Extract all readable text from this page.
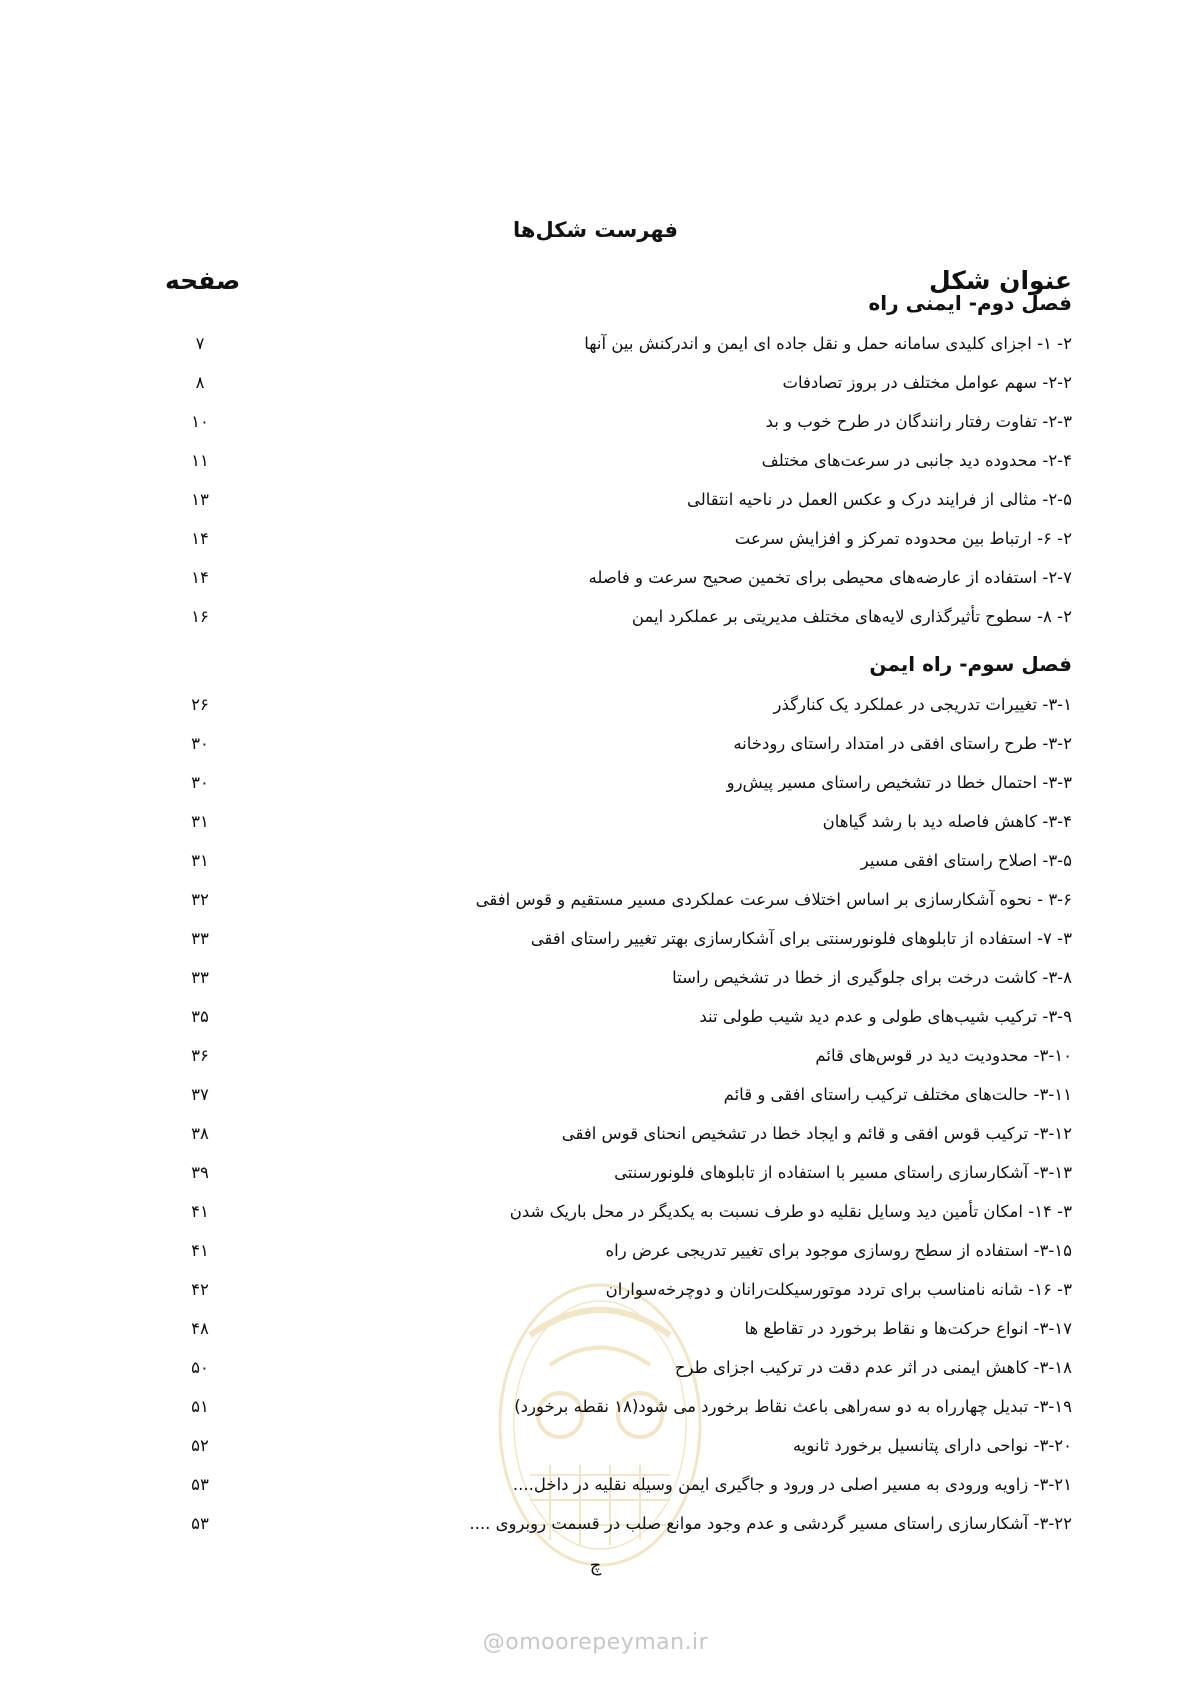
فهرست شکل‌ها
عنوان شکل
صفحه
فصل دوم- ایمنی راه
۲- ۱- اجزای کلیدی سامانه حمل و نقل جاده ای ایمن و اندرکنش بین آنها
۷
۲-۲- سهم عوامل مختلف در بروز تصادفات
۸
۲-۳- تفاوت رفتار رانندگان در طرح خوب و بد
۱۰
۲-۴- محدوده دید جانبی در سرعت‌های مختلف
۱۱
۲-۵- مثالی از فرایند درک و عکس العمل در ناحیه انتقالی
۱۳
۲- ۶- ارتباط بین محدوده تمرکز و افزایش سرعت
۱۴
۲-۷- استفاده از عارضه‌های محیطی برای تخمین صحیح سرعت و فاصله
۱۴
۲- ۸- سطوح تأثیرگذاری لایه‌های مختلف مدیریتی بر عملکرد ایمن
۱۶
فصل سوم- راه ایمن
۳-۱- تغییرات تدریجی در عملکرد یک کنارگذر
۲۶
۳-۲- طرح راستای افقی در امتداد راستای رودخانه
۳۰
۳-۳- احتمال خطا در تشخیص راستای مسیر پیش‌رو
۳۰
۳-۴- کاهش فاصله دید با رشد گیاهان
۳۱
۳-۵- اصلاح راستای افقی مسیر
۳۱
۳-۶ - نحوه آشکارسازی بر اساس اختلاف سرعت عملکردی مسیر مستقیم و قوس افقی
۳۲
۳- ۷- استفاده از تابلوهای فلونورسنتی برای آشکارسازی بهتر تغییر راستای افقی
۳۳
۳-۸- کاشت درخت برای جلوگیری از خطا در تشخیص راستا
۳۳
۳-۹- ترکیب شیب‌های طولی و عدم دید شیب طولی تند
۳۵
۳-۱۰- محدودیت دید در قوس‌های قائم
۳۶
۳-۱۱- حالت‌های مختلف ترکیب راستای افقی و قائم
۳۷
۳-۱۲- ترکیب قوس افقی و قائم و ایجاد خطا در تشخیص انحنای قوس افقی
۳۸
۳-۱۳- آشکارسازی راستای مسیر با استفاده از تابلوهای فلونورسنتی
۳۹
۳- ۱۴- امکان تأمین دید وسایل نقلیه دو طرف نسبت به یکدیگر در محل باریک شدن
۴۱
۳-۱۵- استفاده از سطح روسازی موجود برای تغییر تدریجی عرض راه
۴۱
۳- ۱۶- شانه نامناسب برای تردد موتورسیکلت‌رانان و دوچرخه‌سواران
۴۲
۳-۱۷- انواع حرکت‌ها و نقاط برخورد در تقاطع ها
۴۸
۳-۱۸- کاهش ایمنی در اثر عدم دقت در ترکیب اجزای طرح
۵۰
۳-۱۹- تبدیل چهارراه به دو سه‌راهی باعث نقاط برخورد می شود(۱۸ نقطه برخورد)
۵۱
۳-۲۰- نواحی دارای پتانسیل برخورد ثانویه
۵۲
۳-۲۱- زاویه ورودی به مسیر اصلی در ورود و جاگیری ایمن وسیله نقلیه در داخل....
۵۳
۳-۲۲- آشکارسازی راستای مسیر گردشی و عدم وجود موانع صلب در قسمت روبروی ....
۵۳
چ
@omoorepeyman.ir
